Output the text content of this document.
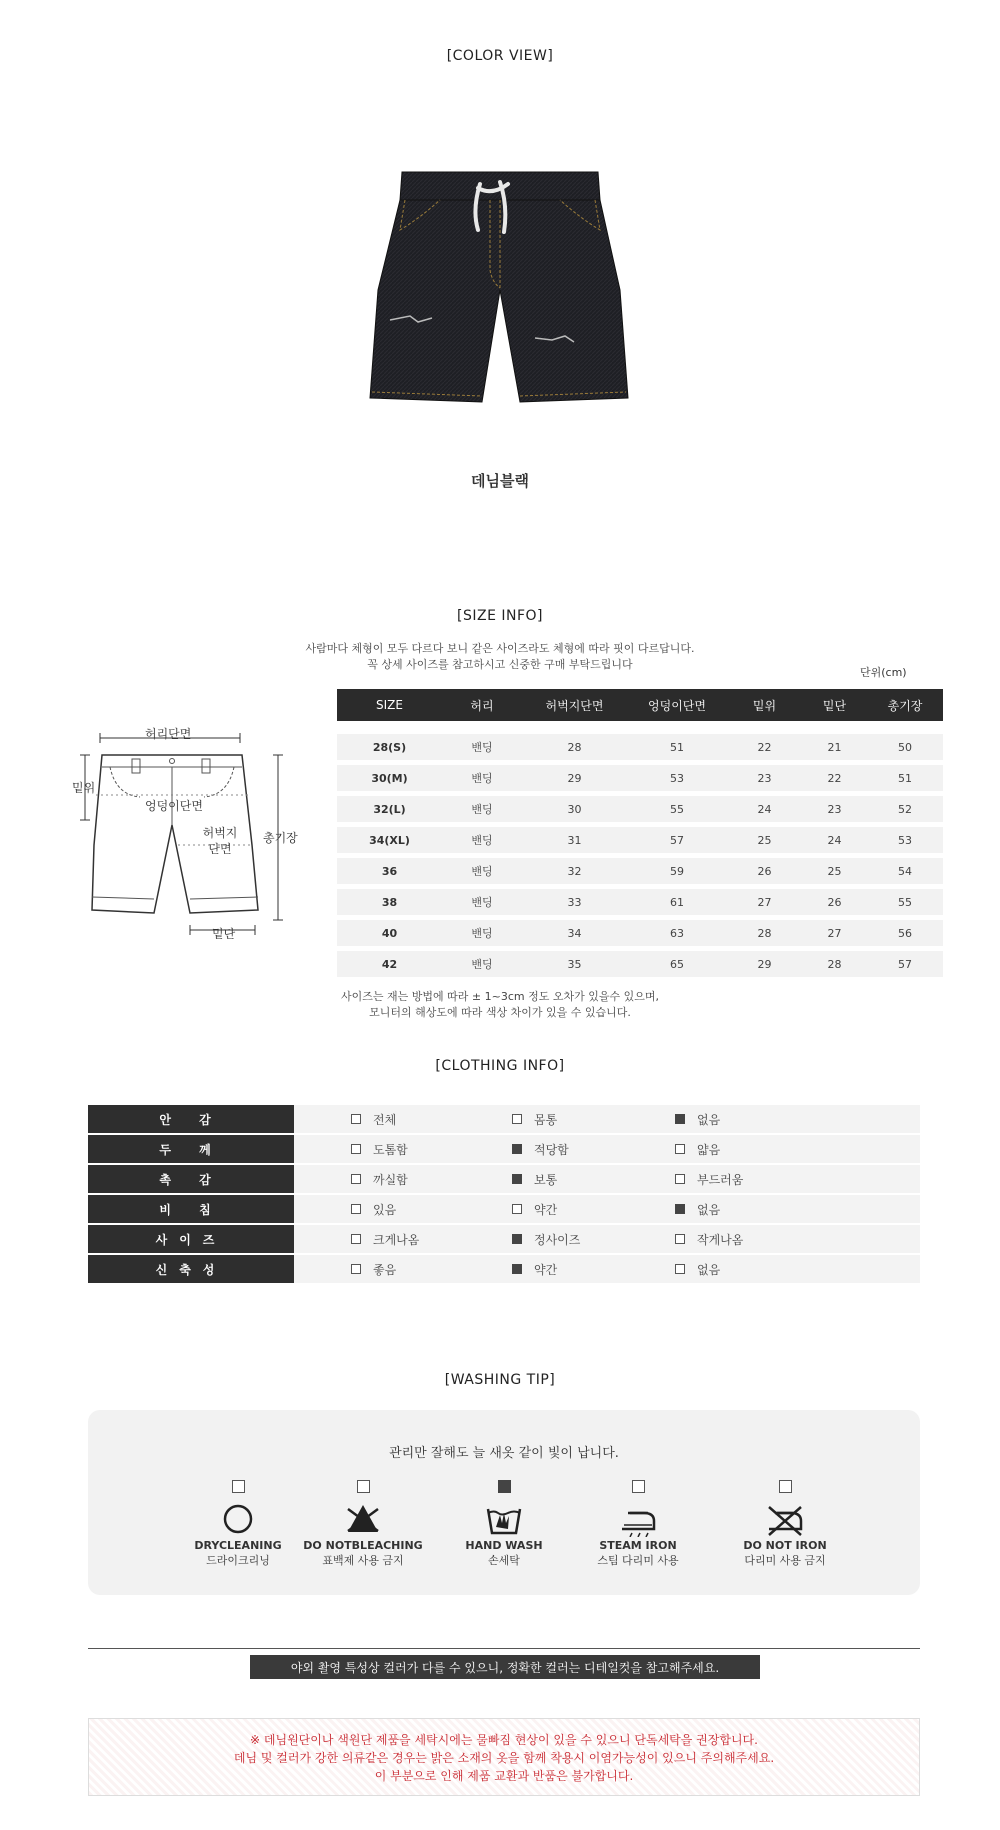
[COLOR VIEW]
데님블랙
[SIZE INFO]
사람마다 체형이 모두 다르다 보니 같은 사이즈라도 체형에 따라 핏이 다르답니다.
꼭 상세 사이즈를 참고하시고 신중한 구매 부탁드립니다
단위(cm)
허리단면
밑위
엉덩이단면
허벅지
단면
총기장
밑단
SIZE	허리	허벅지단면	엉덩이단면	밑위	밑단	총기장
28(S)	밴딩	28	51	22	21	50
30(M)	밴딩	29	53	23	22	51
32(L)	밴딩	30	55	24	23	52
34(XL)	밴딩	31	57	25	24	53
36	밴딩	32	59	26	25	54
38	밴딩	33	61	27	26	55
40	밴딩	34	63	28	27	56
42	밴딩	35	65	29	28	57
사이즈는 재는 방법에 따라 ± 1~3cm 정도 오차가 있을수 있으며,
모니터의 해상도에 따라 색상 차이가 있을 수 있습니다.
[CLOTHING INFO]
안 감	전체	몸통	없음
두 께	도톰함	적당함	얇음
촉 감	까실함	보통	부드러움
비 침	있음	약간	없음
사이즈	크게나옴	정사이즈	작게나옴
신축성	좋음	약간	없음
[WASHING TIP]
관리만 잘해도 늘 새옷 같이 빛이 납니다.
DRYCLEANING
드라이크리닝
DO NOTBLEACHING
표백제 사용 금지
HAND WASH
손세탁
STEAM IRON
스팀 다리미 사용
DO NOT IRON
다리미 사용 금지
야외 촬영 특성상 컬러가 다를 수 있으니, 정확한 컬러는 디테일컷을 참고해주세요.

※ 데님원단이나 색원단 제품을 세탁시에는 물빠짐 현상이 있을 수 있으니 단독세탁을 권장합니다.

데님 및 컬러가 강한 의류같은 경우는 밝은 소재의 옷을 함께 착용시 이염가능성이 있으니 주의해주세요.

이 부분으로 인해 제품 교환과 반품은 불가합니다.
